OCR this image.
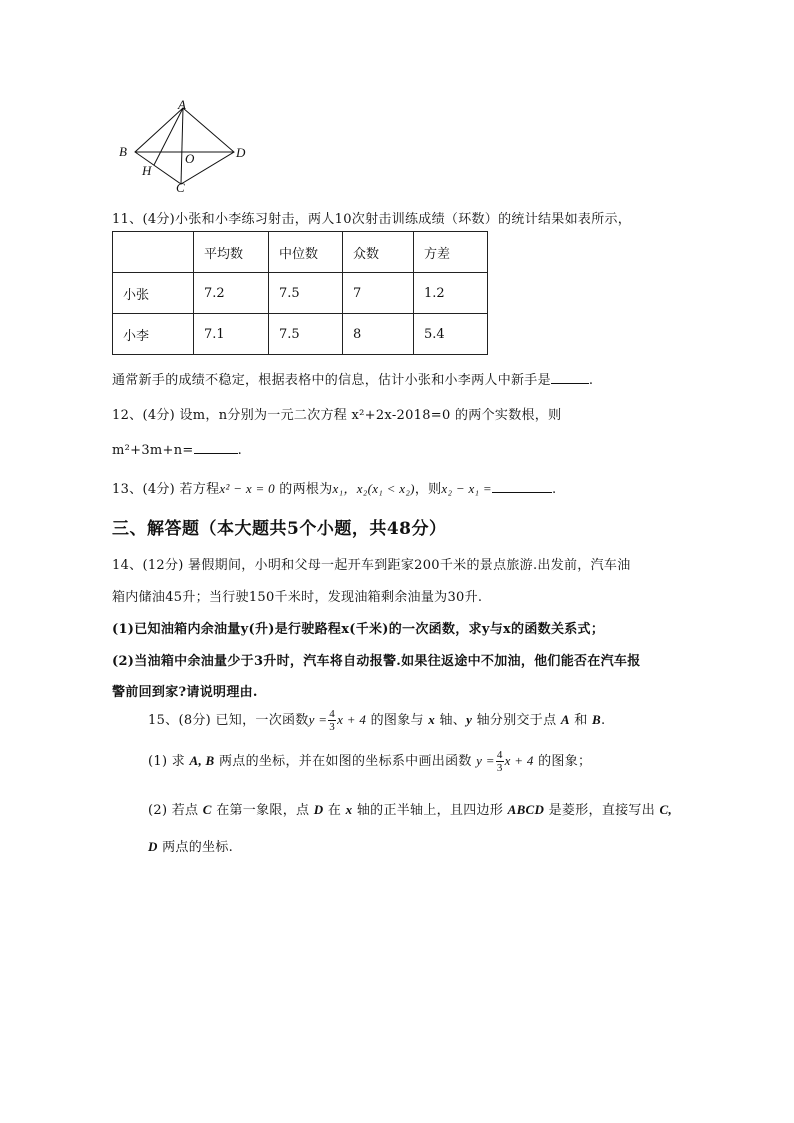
A
B	D
O
H
C
11、(4分)小张和小李练习射击，两人10次射击训练成绩（环数）的统计结果如表所示，
	平均数	中位数	众数	方差
小张	7.2	7.5	7	1.2
小李	7.1	7.5	8	5.4
通常新手的成绩不稳定，根据表格中的信息，估计小张和小李两人中新手是	.
12、(4分) 设m，n分别为一元二次方程 x²+2x-2018=0 的两个实数根，则
m²+3m+n=	.
13、(4分) 若方程x² − x = 0 的两根为x₁，x₂(x₁ < x₂)，则x₂ − x₁ =	.
三、解答题（本大题共5个小题，共48分）
14、(12分) 暑假期间，小明和父母一起开车到距家200千米的景点旅游.出发前，汽车油
箱内储油45升；当行驶150千米时，发现油箱剩余油量为30升.
(1)已知油箱内余油量y(升)是行驶路程x(千米)的一次函数，求y与x的函数关系式；
(2)当油箱中余油量少于3升时，汽车将自动报警.如果往返途中不加油，他们能否在汽车报
警前回到家?请说明理由.
15、(8分) 已知，一次函数$y = \frac{4}{3}$ x + 4 的图象与 x 轴、y 轴分别交于点 A 和 B.
(1) 求 A, B 两点的坐标，并在如图的坐标系中画出函数 $y = \frac{4}{3}$ x + 4 的图象；
(2) 若点 C 在第一象限，点 D 在 x 轴的正半轴上，且四边形 ABCD 是菱形，直接写出 C,
D 两点的坐标.
